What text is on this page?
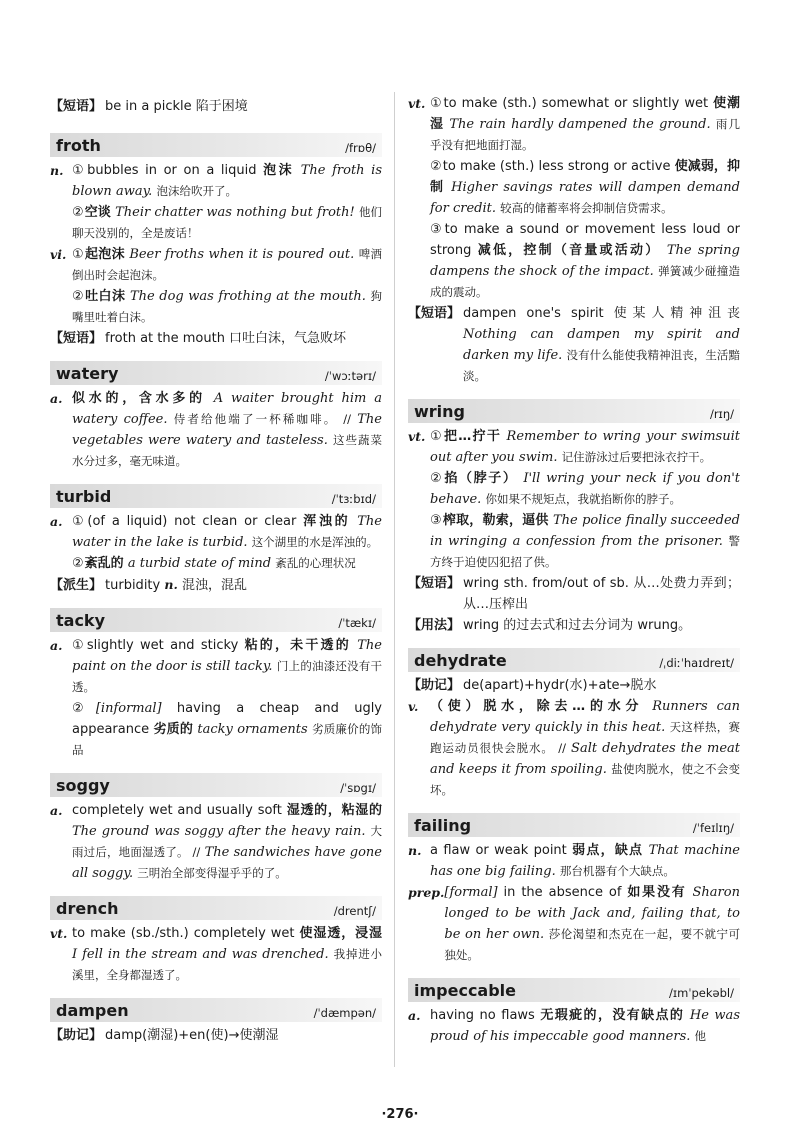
【短语】 be in a pickle 陷于困境
froth	/frɒθ/
n. ①bubbles in or on a liquid 泡沫 The froth is blown away. 泡沫给吹开了。
②空谈 Their chatter was nothing but froth! 他们聊天没别的，全是废话！
vi. ①起泡沫 Beer froths when it is poured out. 啤酒倒出时会起泡沫。
②吐白沫 The dog was frothing at the mouth. 狗嘴里吐着白沫。
【短语】 froth at the mouth 口吐白沫，气急败坏
watery	/ˈwɔːtərɪ/
a. 似水的，含水多的 A waiter brought him a watery coffee. 侍者给他端了一杯稀咖啡。 // The vegetables were watery and tasteless. 这些蔬菜水分过多，毫无味道。
turbid	/ˈtɜːbɪd/
a. ①(of a liquid) not clean or clear 浑浊的 The water in the lake is turbid. 这个湖里的水是浑浊的。
②紊乱的 a turbid state of mind 紊乱的心理状况
【派生】 turbidity n. 混浊，混乱
tacky	/ˈtækɪ/
a. ①slightly wet and sticky 粘的，未干透的 The paint on the door is still tacky. 门上的油漆还没有干透。
②[informal] having a cheap and ugly appearance 劣质的 tacky ornaments 劣质廉价的饰品
soggy	/ˈsɒgɪ/
a. completely wet and usually soft 湿透的，粘湿的 The ground was soggy after the heavy rain. 大雨过后，地面湿透了。 // The sandwiches have gone all soggy. 三明治全部变得湿乎乎的了。
drench	/drentʃ/
vt. to make (sb./sth.) completely wet 使湿透，浸湿 I fell in the stream and was drenched. 我掉进小溪里，全身都湿透了。
dampen	/ˈdæmpən/
【助记】 damp(潮湿)+en(使)→使潮湿
vt. ①to make (sth.) somewhat or slightly wet 使潮湿 The rain hardly dampened the ground. 雨几乎没有把地面打湿。
②to make (sth.) less strong or active 使减弱，抑制 Higher savings rates will dampen demand for credit. 较高的储蓄率将会抑制信贷需求。
③to make a sound or movement less loud or strong 减低，控制（音量或活动） The spring dampens the shock of the impact. 弹簧减少碰撞造成的震动。
【短语】 dampen one's spirit 使某人精神沮丧 Nothing can dampen my spirit and darken my life. 没有什么能使我精神沮丧，生活黯淡。
wring	/rɪŋ/
vt. ①把…拧干 Remember to wring your swimsuit out after you swim. 记住游泳过后要把泳衣拧干。
②掐（脖子） I'll wring your neck if you don't behave. 你如果不规矩点，我就掐断你的脖子。
③榨取，勒索，逼供 The police finally succeeded in wringing a confession from the prisoner. 警方终于迫使囚犯招了供。
【短语】 wring sth. from/out of sb. 从…处费力弄到；从…压榨出
【用法】 wring 的过去式和过去分词为 wrung。
dehydrate	/ˌdiːˈhaɪdreɪt/
【助记】 de(apart)+hydr(水)+ate→脱水
v. （使）脱水，除去…的水分 Runners can dehydrate very quickly in this heat. 天这样热，赛跑运动员很快会脱水。 // Salt dehydrates the meat and keeps it from spoiling. 盐使肉脱水，使之不会变坏。
failing	/ˈfeɪlɪŋ/
n. a flaw or weak point 弱点，缺点 That machine has one big failing. 那台机器有个大缺点。
prep. [formal] in the absence of 如果没有 Sharon longed to be with Jack and, failing that, to be on her own. 莎伦渴望和杰克在一起，要不就宁可独处。
impeccable	/ɪmˈpekəbl/
a. having no flaws 无瑕疵的，没有缺点的 He was proud of his impeccable good manners. 他
·276·
